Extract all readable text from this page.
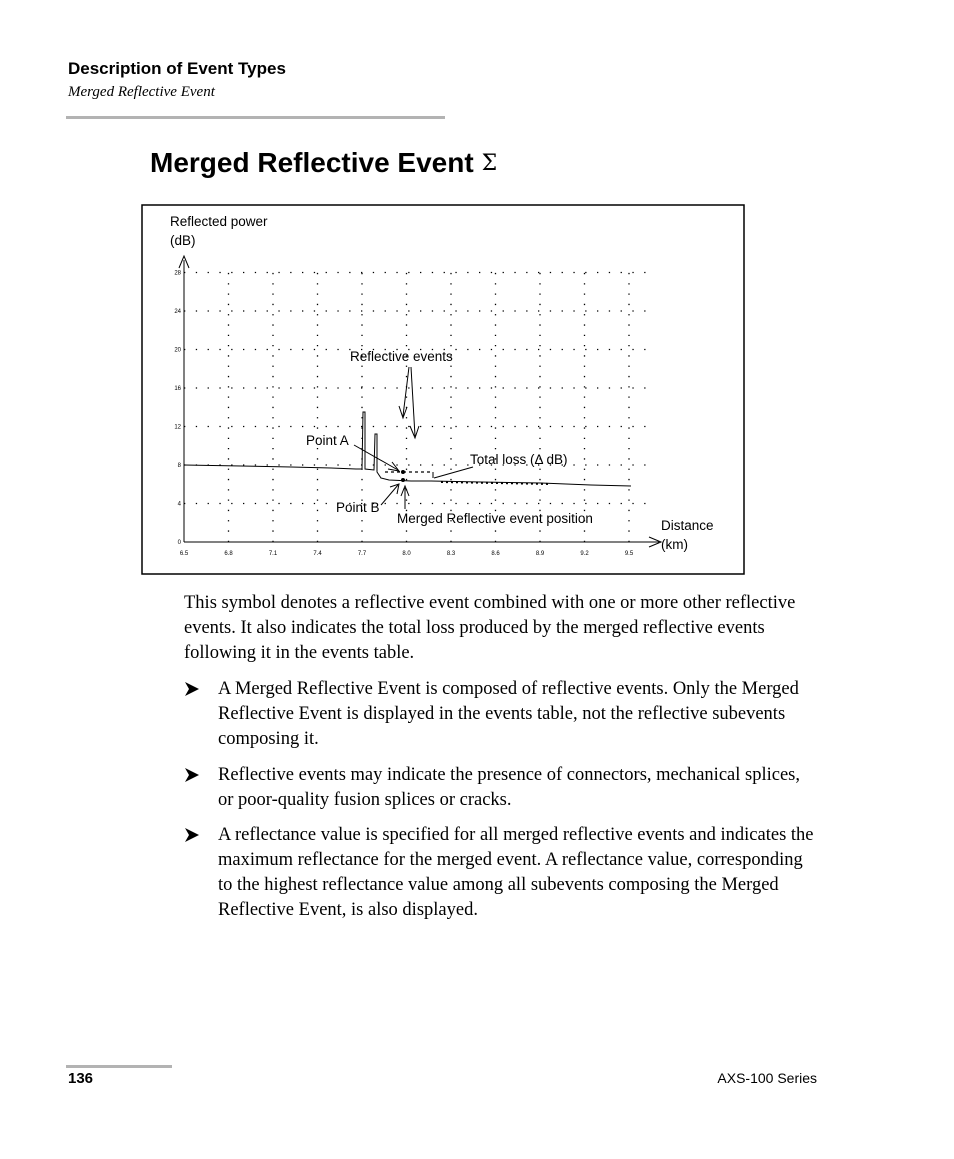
Description of Event Types
Merged Reflective Event
Merged Reflective Event Σ
Reflected power (dB)
0
4
8
12
16
20
24
28
6.5	6.8	7.1	7.4	7.7	8.0	8.3	8.6	8.9	9.2	9.5
Reflective events
Point A
Total loss (Δ dB)
Point B
Merged Reflective event position	Distance (km)

This symbol denotes a reflective event combined with one or more other reflective events. It also indicates the total loss produced by the merged reflective events following it in the events table.

A Merged Reflective Event is composed of reflective events. Only the Merged Reflective Event is displayed in the events table, not the reflective subevents composing it.
Reflective events may indicate the presence of connectors, mechanical splices, or poor-quality fusion splices or cracks.
A reflectance value is specified for all merged reflective events and indicates the maximum reflectance for the merged event. A reflectance value, corresponding to the highest reflectance value among all subevents composing the Merged Reflective Event, is also displayed.
136	AXS-100 Series
